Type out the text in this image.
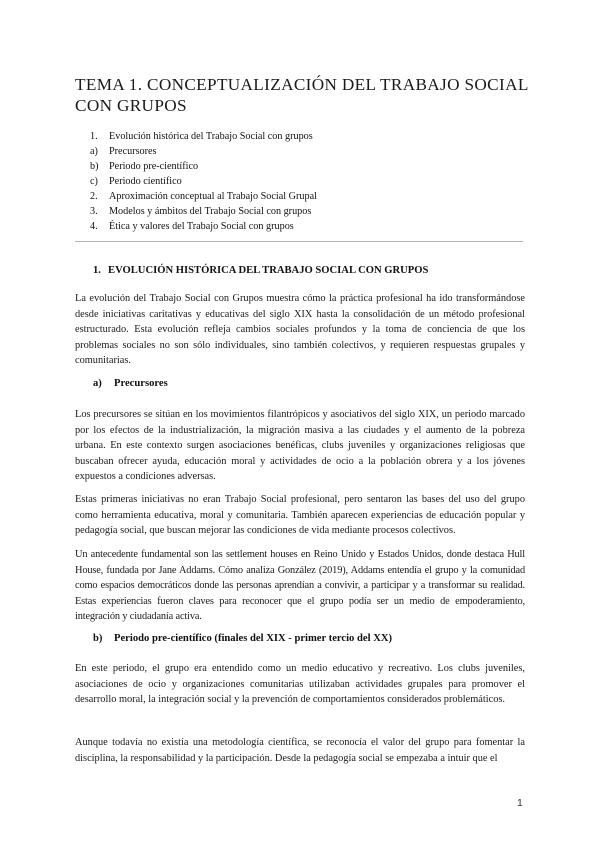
TEMA 1. CONCEPTUALIZACIÓN DEL TRABAJO SOCIAL CON GRUPOS
1.	Evolución histórica del Trabajo Social con grupos
a)	Precursores
b)	Periodo pre-científico
c)	Periodo científico
2.	Aproximación conceptual al Trabajo Social Grupal
3.	Modelos y ámbitos del Trabajo Social con grupos
4.	Ética y valores del Trabajo Social con grupos
1. EVOLUCIÓN HISTÓRICA DEL TRABAJO SOCIAL CON GRUPOS

La evolución del Trabajo Social con Grupos muestra cómo la práctica profesional ha ido transformándose desde iniciativas caritativas y educativas del siglo XIX hasta la consolidación de un método profesional estructurado. Esta evolución refleja cambios sociales profundos y la toma de conciencia de que los problemas sociales no son sólo individuales, sino también colectivos, y requieren respuestas grupales y comunitarias.

a) Precursores

Los precursores se sitúan en los movimientos filantrópicos y asociativos del siglo XIX, un periodo marcado por los efectos de la industrialización, la migración masiva a las ciudades y el aumento de la pobreza urbana. En este contexto surgen asociaciones benéficas, clubs juveniles y organizaciones religiosas que buscaban ofrecer ayuda, educación moral y actividades de ocio a la población obrera y a los jóvenes expuestos a condiciones adversas.

Estas primeras iniciativas no eran Trabajo Social profesional, pero sentaron las bases del uso del grupo como herramienta educativa, moral y comunitaria. También aparecen experiencias de educación popular y pedagogía social, que buscan mejorar las condiciones de vida mediante procesos colectivos.

Un antecedente fundamental son las settlement houses en Reino Unido y Estados Unidos, donde destaca Hull House, fundada por Jane Addams. Cómo analiza González (2019), Addams entendía el grupo y la comunidad como espacios democráticos donde las personas aprendían a convivir, a participar y a transformar su realidad. Estas experiencias fueron claves para reconocer que el grupo podía ser un medio de empoderamiento, integración y ciudadanía activa.

b) Periodo pre-científico (finales del XIX - primer tercio del XX)

En este periodo, el grupo era entendido como un medio educativo y recreativo. Los clubs juveniles, asociaciones de ocio y organizaciones comunitarias utilizaban actividades grupales para promover el desarrollo moral, la integración social y la prevención de comportamientos considerados problemáticos.

Aunque todavía no existía una metodología científica, se reconocía el valor del grupo para fomentar la disciplina, la responsabilidad y la participación. Desde la pedagogía social se empezaba a intuir que el

1
